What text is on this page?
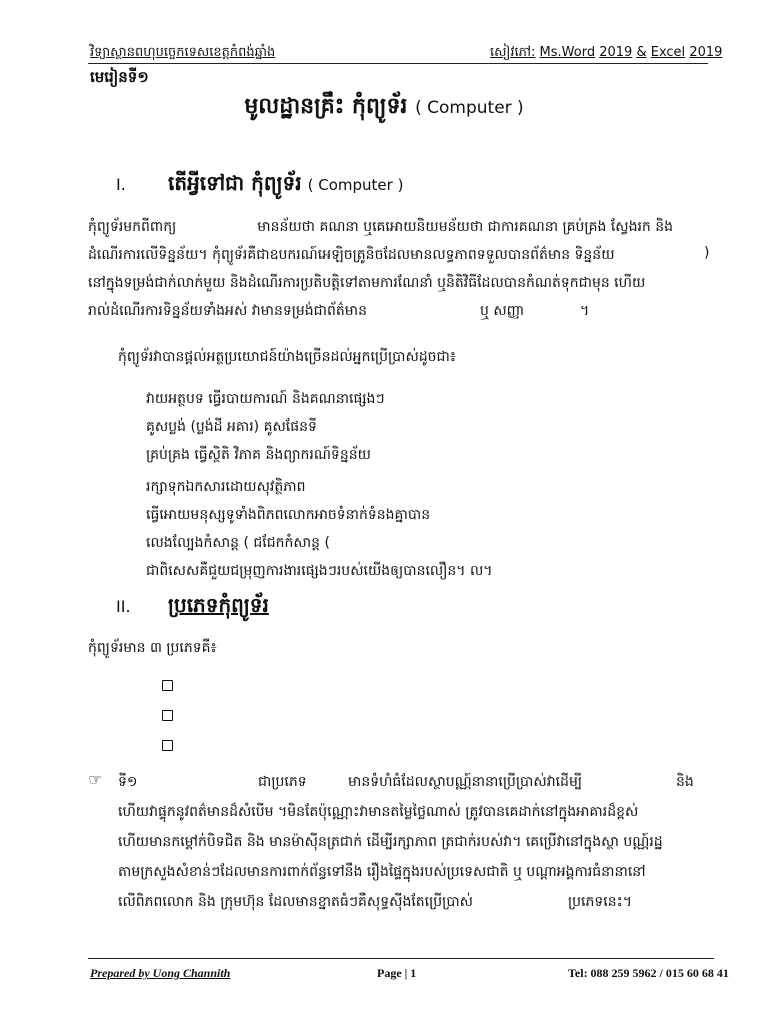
វិទ្យាស្ថានពហុបច្ចេកទេសខេត្តកំពង់ឆ្នាំង	សៀវភៅ: Ms.Word 2019 & Excel 2019
មេរៀនទី១
មូលដ្ឋានគ្រឹះ កុំព្យូទ័រ ( Computer )
I. តើអ្វីទៅជា កុំព្យូទ័រ ( Computer )
កុំព្យូទ័រមកពីពាក្យ	មានន័យថា គណនា ឬគេអោយនិយមន័យថា ជាការគណនា គ្រប់គ្រង ស្វែងរក និង
ដំណើរការលើទិន្នន័យ។ កុំព្យូទ័រគឺជាឧបករណ៍អេឡិចត្រូនិចដែលមានលទ្ធភាពទទួលបានព័ត៌មាន ទិន្នន័យ	)
នៅក្នុងទម្រង់ជាក់លាក់មួយ និងដំណើរការប្រតិបត្តិទៅតាមការណែនាំ ឬនិតិវិធីដែលបានកំណត់ទុកជាមុន ហើយ
រាល់ដំណើរការទិន្នន័យទាំងអស់ វាមានទម្រង់ជាព័ត៌មាន	ឬ សញ្ញា	។
កុំព្យូទ័រវាបានផ្ដល់អត្ថប្រយោជន៍យ៉ាងច្រើនដល់អ្នកប្រើប្រាស់ដូចជា៖
វាយអត្ថបទ ធ្វើរបាយការណ៍ និងគណនាផ្សេងៗ
គូសប្លង់ (ប្លង់ដី អគារ) គូសផែនទី
គ្រប់គ្រង ធ្វើស្ថិតិ វិភាគ និងព្យាករណ៍ទិន្នន័យ
រក្សាទុកឯកសារដោយសុវត្ថិភាព
ធ្វើអោយមនុស្សទូទាំងពិភពលោកអាចទំនាក់ទំនងគ្នាបាន
លេងល្បែងកំសាន្ត ( ជជែកកំសាន្ត (
ជាពិសេសគឺជួយជម្រុញការងារផ្សេងៗរបស់យើងឲ្យបានលឿន។ ល។
II. ប្រភេទកុំព្យូទ័រ
កុំព្យូទ័រមាន ៣ ប្រភេទគឺ៖
☞ ទី១	ជាប្រភេទ	មានទំហំធំដែលស្ថាបណ្ណ៍នានាប្រើប្រាស់វាដើម្បី	និង
ហើយវាផ្ទុកនូវពត៌មានដ៏សំបើម ។មិនតែប៉ុណ្ណោះវាមានតម្លៃថ្លៃណាស់ ត្រូវបានគេដាក់នៅក្នុងអាគារដ៏ខ្ពស់
ហើយមានកម្ដៅក់បិទជិត និង មានម៉ាស៊ីនត្រជាក់ ដើម្បីរក្សាភាព ត្រជាក់របស់វា។ គេប្រើវានៅក្នុងស្ថា បណ្ណ៍រដ្ឋ
តាមក្រសួងសំខាន់ៗដែលមានការពាក់ព័ន្ធទៅនឹង រឿងផ្ទៃក្នុងរបស់ប្រទេសជាតិ ឬ បណ្ដាអង្គការធំនានានៅ
លើពិភពលោក និង ក្រុមហ៊ុន ដែលមានខ្នាតធំៗគឺសុទ្ធស៊ីងតែប្រើប្រាស់	ប្រភេទនេះ។
Prepared by Uong Channith	Page | 1	Tel: 088 259 5962 / 015 60 68 41
